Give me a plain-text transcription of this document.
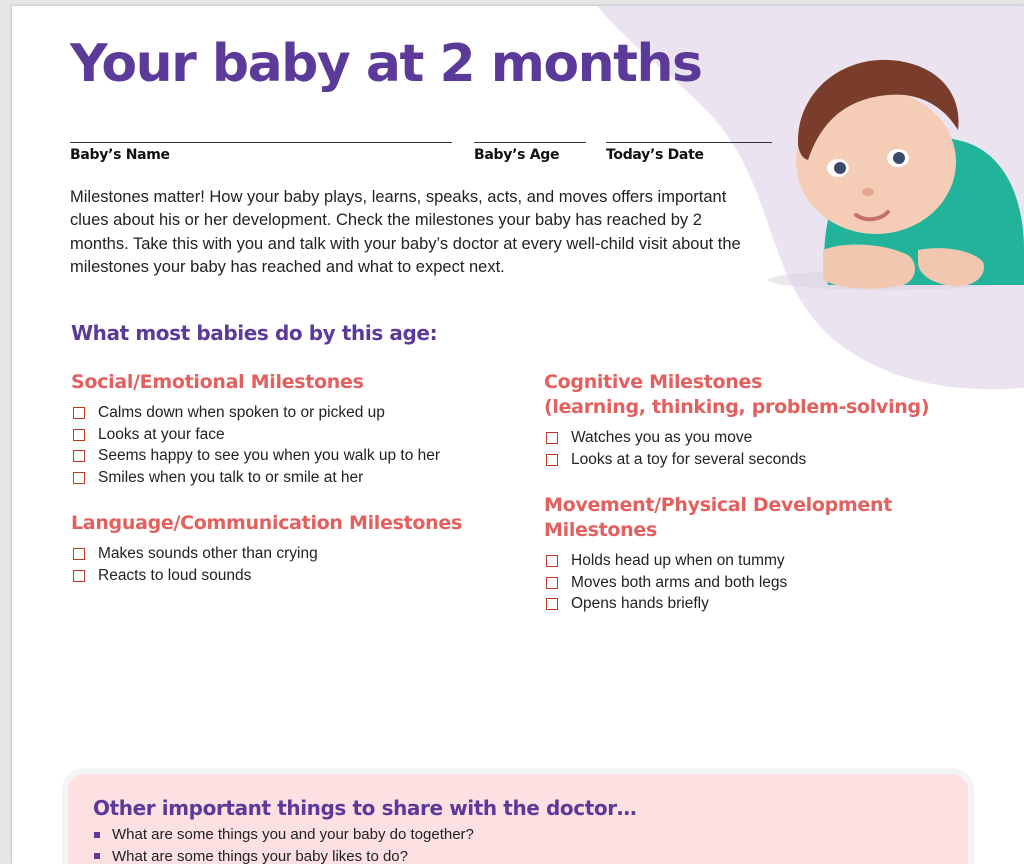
Your baby at 2 months
Baby’s Name	Baby’s Age	Today’s Date

Milestones matter! How your baby plays, learns, speaks, acts, and moves offers important clues about his or her development. Check the milestones your baby has reached by 2 months. Take this with you and talk with your baby’s doctor at every well-child visit about the milestones your baby has reached and what to expect next.

What most babies do by this age:
Social/Emotional Milestones
Calms down when spoken to or picked up
Looks at your face
Seems happy to see you when you walk up to her
Smiles when you talk to or smile at her
Language/Communication Milestones
Makes sounds other than crying
Reacts to loud sounds
Cognitive Milestones
(learning, thinking, problem-solving)
Watches you as you move
Looks at a toy for several seconds
Movement/Physical Development
Milestones
Holds head up when on tummy
Moves both arms and both legs
Opens hands briefly
Other important things to share with the doctor…
What are some things you and your baby do together?
What are some things your baby likes to do?
